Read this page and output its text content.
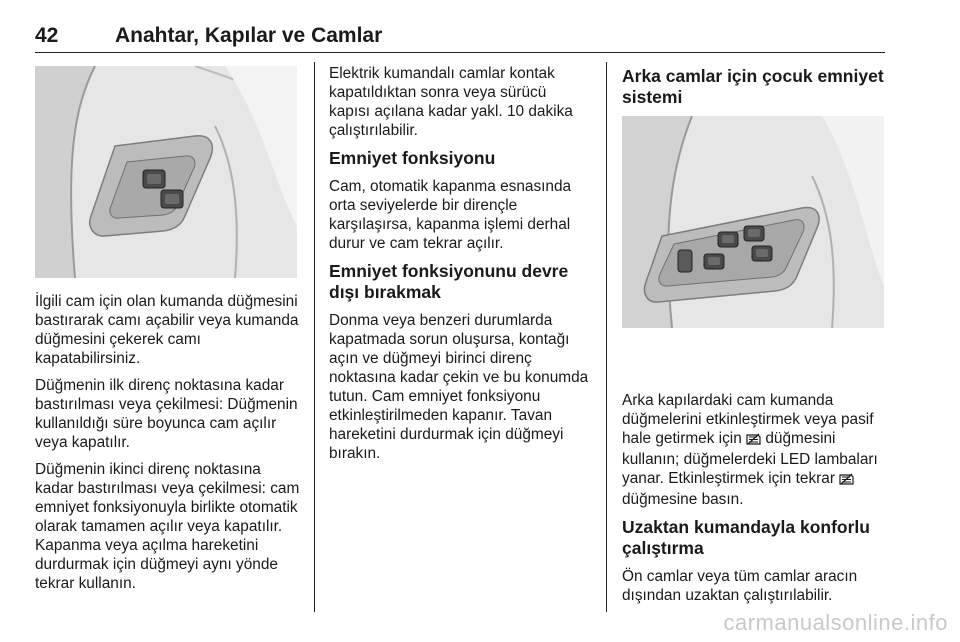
42	Anahtar, Kapılar ve Camlar

İlgili cam için olan kumanda düğmesini bastırarak camı açabilir veya kumanda düğmesini çekerek camı kapatabilirsiniz.

Düğmenin ilk direnç noktasına kadar bastırılması veya çekilmesi: Düğmenin kullanıldığı süre boyunca cam açılır veya kapatılır.

Düğmenin ikinci direnç noktasına kadar bastırılması veya çekilmesi: cam emniyet fonksiyonuyla birlikte otomatik olarak tamamen açılır veya kapatılır. Kapanma veya açılma hareketini durdurmak için düğmeyi aynı yönde tekrar kullanın.

Elektrik kumandalı camlar kontak kapatıldıktan sonra veya sürücü kapısı açılana kadar yakl. 10 dakika çalıştırılabilir.

Emniyet fonksiyonu

Cam, otomatik kapanma esnasında orta seviyelerde bir dirençle karşılaşırsa, kapanma işlemi derhal durur ve cam tekrar açılır.

Emniyet fonksiyonunu devre dışı bırakmak

Donma veya benzeri durumlarda kapatmada sorun oluşursa, kontağı açın ve düğmeyi birinci direnç noktasına kadar çekin ve bu konumda tutun. Cam emniyet fonksiyonu etkinleştirilmeden kapanır. Tavan hareketini durdurmak için düğmeyi bırakın.

Arka camlar için çocuk emniyet sistemi

Arka kapılardaki cam kumanda düğmelerini etkinleştirmek veya pasif hale getirmek için düğmesini kullanın; düğmelerdeki LED lambaları yanar. Etkinleştirmek için tekrar  düğmesine basın.

Uzaktan kumandayla konforlu çalıştırma

Ön camlar veya tüm camlar aracın dışından uzaktan çalıştırılabilir.

carmanualsonline.info
